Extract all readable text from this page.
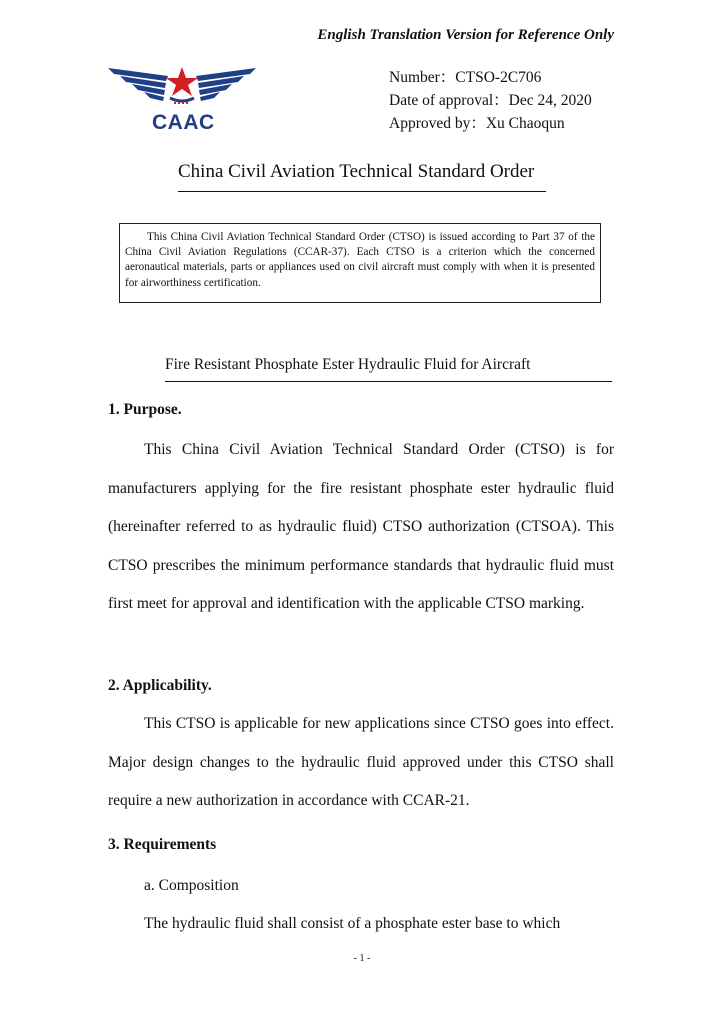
English Translation Version for Reference Only
CAAC
Number：CTSO-2C706
Date of approval：Dec 24, 2020
Approved by：Xu Chaoqun
China Civil Aviation Technical Standard Order

This China Civil Aviation Technical Standard Order (CTSO) is issued according to Part 37 of the China Civil Aviation Regulations (CCAR-37). Each CTSO is a criterion which the concerned aeronautical materials, parts or appliances used on civil aircraft must comply with when it is presented for airworthiness certification.

Fire Resistant Phosphate Ester Hydraulic Fluid for Aircraft
1. Purpose.

This China Civil Aviation Technical Standard Order (CTSO) is for manufacturers applying for the fire resistant phosphate ester hydraulic fluid (hereinafter referred to as hydraulic fluid) CTSO authorization (CTSOA). This CTSO prescribes the minimum performance standards that hydraulic fluid must first meet for approval and identification with the applicable CTSO marking.

2. Applicability.

This CTSO is applicable for new applications since CTSO goes into effect. Major design changes to the hydraulic fluid approved under this CTSO shall require a new authorization in accordance with CCAR-21.

3. Requirements
a. Composition

The hydraulic fluid shall consist of a phosphate ester base to which

- 1 -
